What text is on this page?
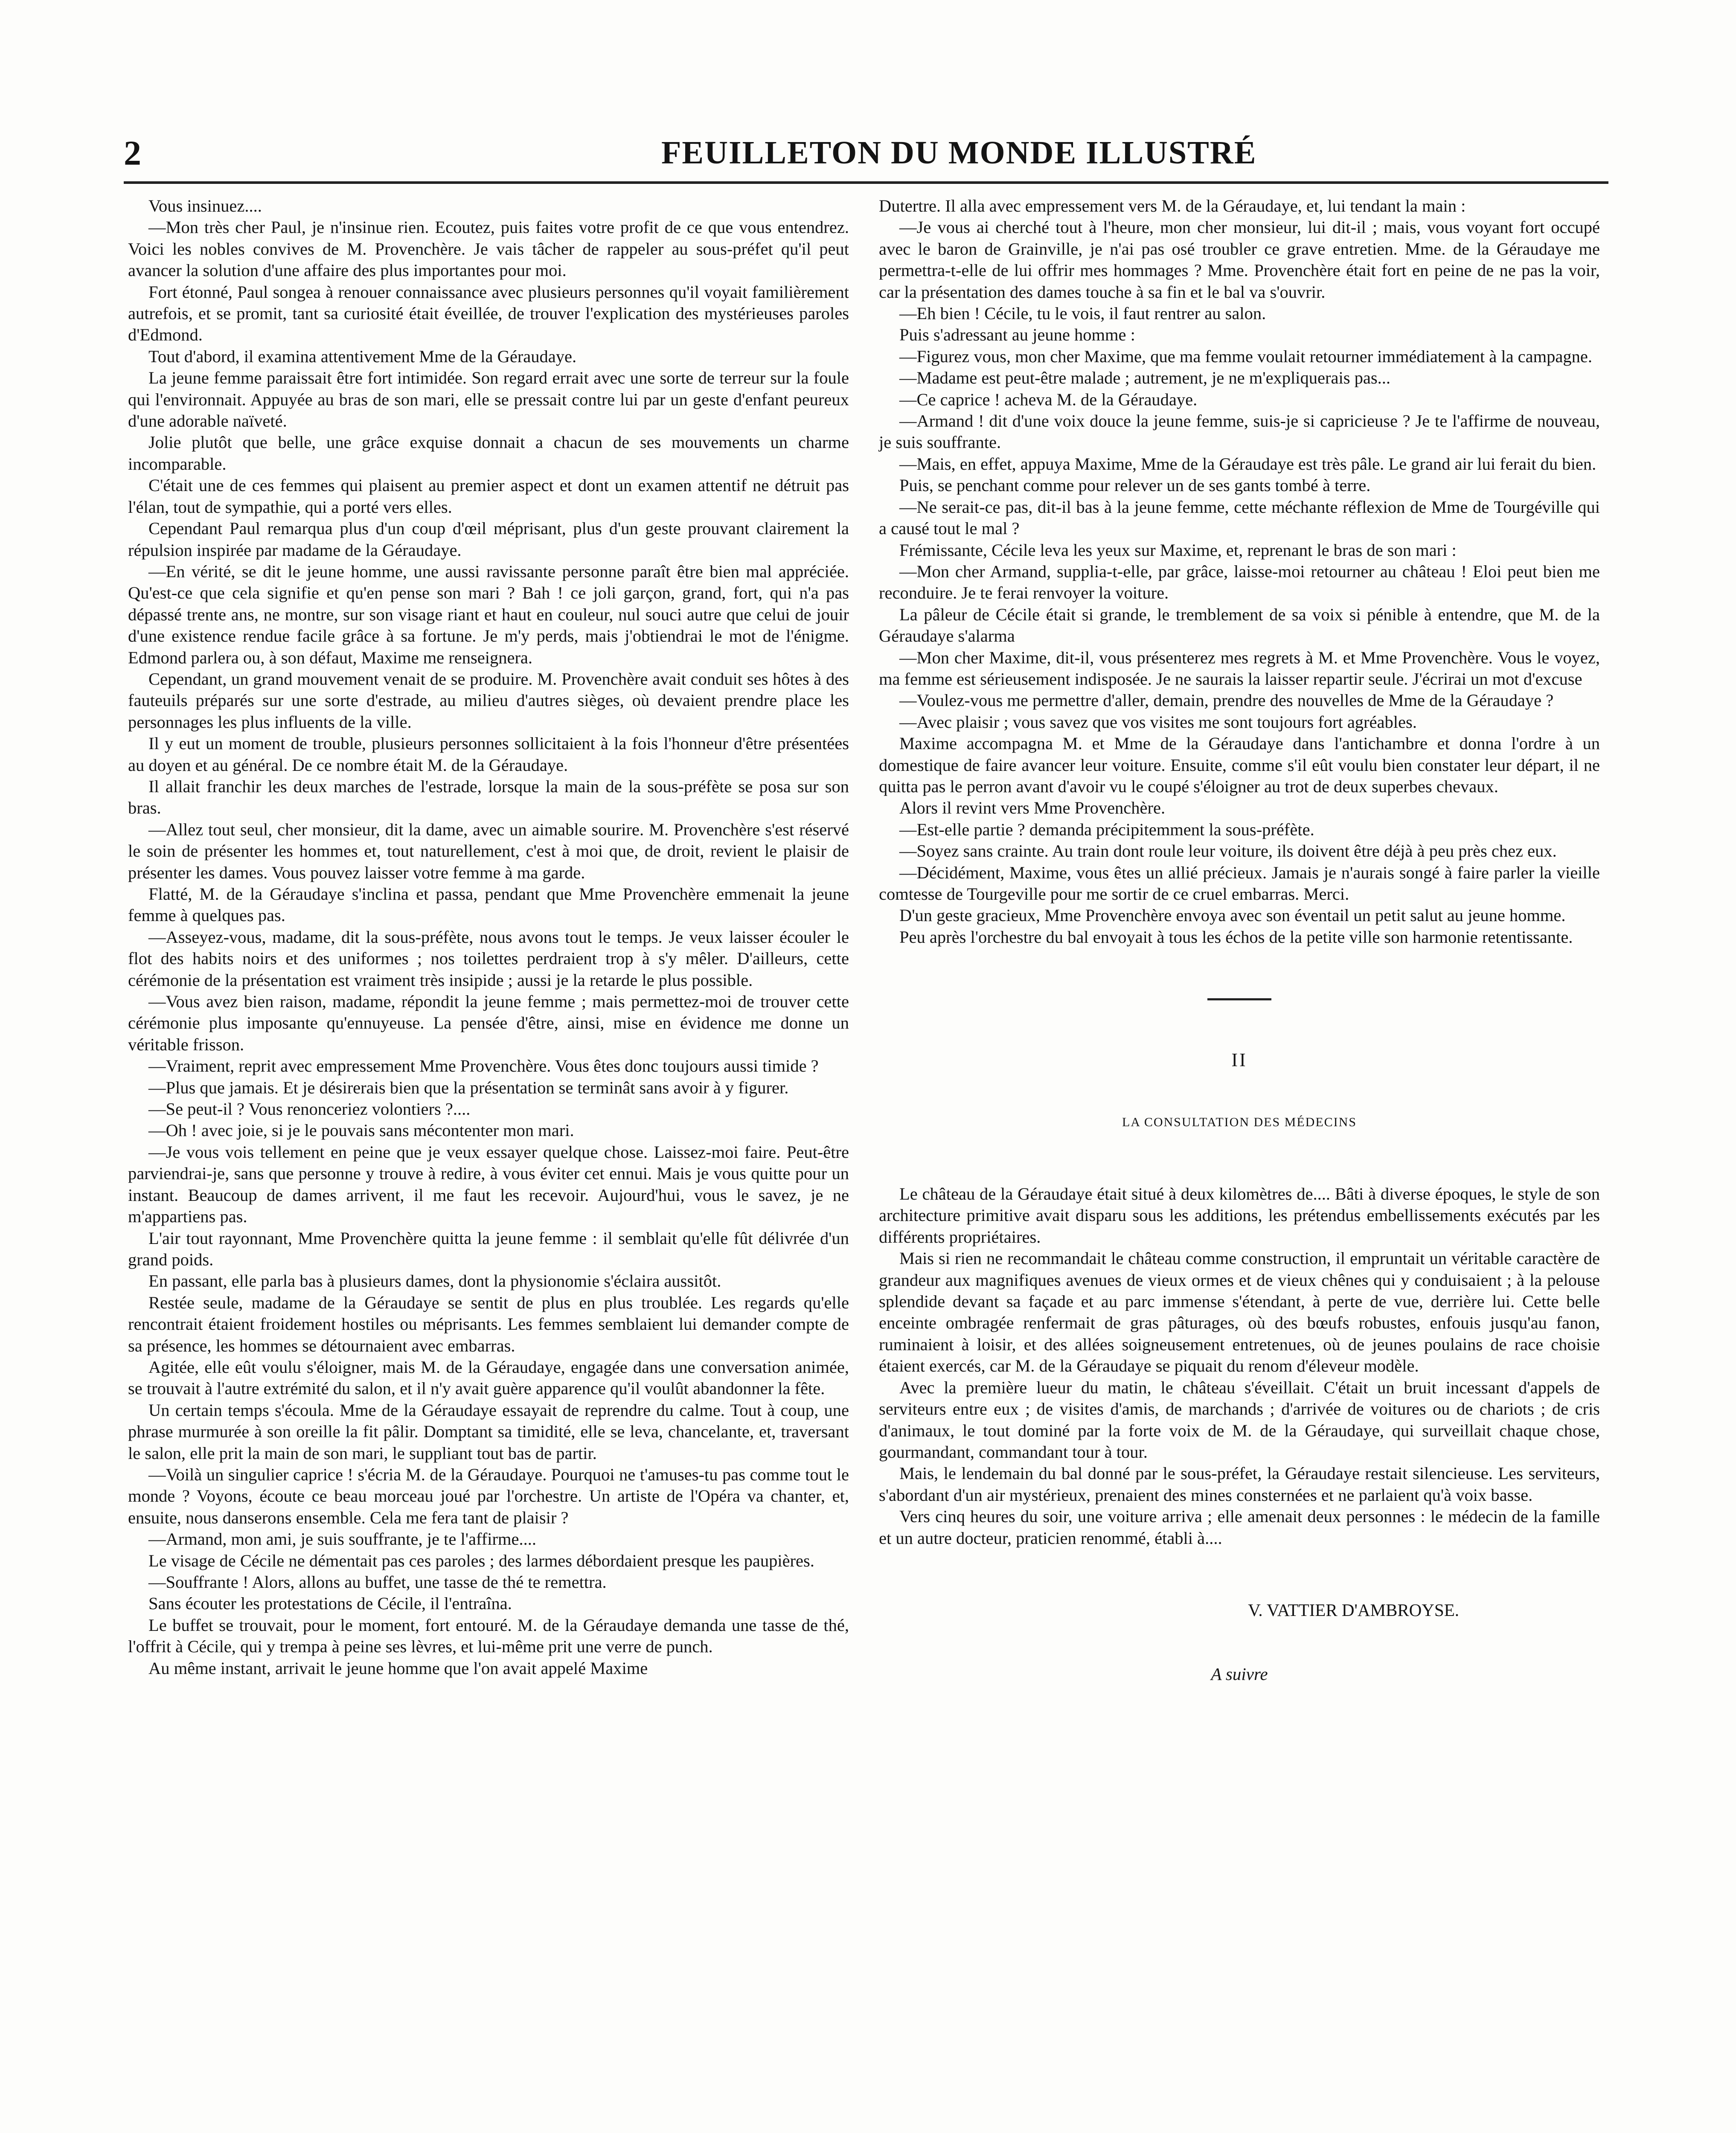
2	FEUILLETON DU MONDE ILLUSTRÉ

Vous insinuez....

—Mon très cher Paul, je n'insinue rien. Ecoutez, puis faites votre profit de ce que vous entendrez. Voici les nobles convives de M. Provenchère. Je vais tâcher de rappeler au sous-préfet qu'il peut avancer la solution d'une affaire des plus importantes pour moi.

Fort étonné, Paul songea à renouer connaissance avec plusieurs personnes qu'il voyait familièrement autrefois, et se promit, tant sa curiosité était éveillée, de trouver l'explication des mystérieuses paroles d'Edmond.

Tout d'abord, il examina attentivement Mme de la Géraudaye.

La jeune femme paraissait être fort intimidée. Son regard errait avec une sorte de terreur sur la foule qui l'environnait. Appuyée au bras de son mari, elle se pressait contre lui par un geste d'enfant peureux d'une adorable naïveté.

Jolie plutôt que belle, une grâce exquise donnait a chacun de ses mouvements un charme incomparable.

C'était une de ces femmes qui plaisent au premier aspect et dont un examen attentif ne détruit pas l'élan, tout de sympathie, qui a porté vers elles.

Cependant Paul remarqua plus d'un coup d'œil méprisant, plus d'un geste prouvant clairement la répulsion inspirée par madame de la Géraudaye.

—En vérité, se dit le jeune homme, une aussi ravissante personne paraît être bien mal appréciée. Qu'est-ce que cela signifie et qu'en pense son mari ? Bah ! ce joli garçon, grand, fort, qui n'a pas dépassé trente ans, ne montre, sur son visage riant et haut en couleur, nul souci autre que celui de jouir d'une existence rendue facile grâce à sa fortune. Je m'y perds, mais j'obtiendrai le mot de l'énigme. Edmond parlera ou, à son défaut, Maxime me renseignera.

Cependant, un grand mouvement venait de se produire. M. Provenchère avait conduit ses hôtes à des fauteuils préparés sur une sorte d'estrade, au milieu d'autres sièges, où devaient prendre place les personnages les plus influents de la ville.

Il y eut un moment de trouble, plusieurs personnes sollicitaient à la fois l'honneur d'être présentées au doyen et au général. De ce nombre était M. de la Géraudaye.

Il allait franchir les deux marches de l'estrade, lorsque la main de la sous-préfète se posa sur son bras.

—Allez tout seul, cher monsieur, dit la dame, avec un aimable sourire. M. Provenchère s'est réservé le soin de présenter les hommes et, tout naturellement, c'est à moi que, de droit, revient le plaisir de présenter les dames. Vous pouvez laisser votre femme à ma garde.

Flatté, M. de la Géraudaye s'inclina et passa, pendant que Mme Provenchère emmenait la jeune femme à quelques pas.

—Asseyez-vous, madame, dit la sous-préfète, nous avons tout le temps. Je veux laisser écouler le flot des habits noirs et des uniformes ; nos toilettes perdraient trop à s'y mêler. D'ailleurs, cette cérémonie de la présentation est vraiment très insipide ; aussi je la retarde le plus possible.

—Vous avez bien raison, madame, répondit la jeune femme ; mais permettez-moi de trouver cette cérémonie plus imposante qu'ennuyeuse. La pensée d'être, ainsi, mise en évidence me donne un véritable frisson.

—Vraiment, reprit avec empressement Mme Provenchère. Vous êtes donc toujours aussi timide ?

—Plus que jamais. Et je désirerais bien que la présentation se terminât sans avoir à y figurer.

—Se peut-il ? Vous renonceriez volontiers ?....

—Oh ! avec joie, si je le pouvais sans mécontenter mon mari.

—Je vous vois tellement en peine que je veux essayer quelque chose. Laissez-moi faire. Peut-être parviendrai-je, sans que personne y trouve à redire, à vous éviter cet ennui. Mais je vous quitte pour un instant. Beaucoup de dames arrivent, il me faut les recevoir. Aujourd'hui, vous le savez, je ne m'appartiens pas.

L'air tout rayonnant, Mme Provenchère quitta la jeune femme : il semblait qu'elle fût délivrée d'un grand poids.

En passant, elle parla bas à plusieurs dames, dont la physionomie s'éclaira aussitôt.

Restée seule, madame de la Géraudaye se sentit de plus en plus troublée. Les regards qu'elle rencontrait étaient froidement hostiles ou méprisants. Les femmes semblaient lui demander compte de sa présence, les hommes se détournaient avec embarras.

Agitée, elle eût voulu s'éloigner, mais M. de la Géraudaye, engagée dans une conversation animée, se trouvait à l'autre extrémité du salon, et il n'y avait guère apparence qu'il voulût abandonner la fête.

Un certain temps s'écoula. Mme de la Géraudaye essayait de reprendre du calme. Tout à coup, une phrase murmurée à son oreille la fit pâlir. Domptant sa timidité, elle se leva, chancelante, et, traversant le salon, elle prit la main de son mari, le suppliant tout bas de partir.

—Voilà un singulier caprice ! s'écria M. de la Géraudaye. Pourquoi ne t'amuses-tu pas comme tout le monde ? Voyons, écoute ce beau morceau joué par l'orchestre. Un artiste de l'Opéra va chanter, et, ensuite, nous danserons ensemble. Cela me fera tant de plaisir ?

—Armand, mon ami, je suis souffrante, je te l'affirme....

Le visage de Cécile ne démentait pas ces paroles ; des larmes débordaient presque les paupières.

—Souffrante ! Alors, allons au buffet, une tasse de thé te remettra.

Sans écouter les protestations de Cécile, il l'entraîna.

Le buffet se trouvait, pour le moment, fort entouré. M. de la Géraudaye demanda une tasse de thé, l'offrit à Cécile, qui y trempa à peine ses lèvres, et lui-même prit une verre de punch.

Au même instant, arrivait le jeune homme que l'on avait appelé Maxime

Dutertre. Il alla avec empressement vers M. de la Géraudaye, et, lui tendant la main :

—Je vous ai cherché tout à l'heure, mon cher monsieur, lui dit-il ; mais, vous voyant fort occupé avec le baron de Grainville, je n'ai pas osé troubler ce grave entretien. Mme. de la Géraudaye me permettra-t-elle de lui offrir mes hommages ? Mme. Provenchère était fort en peine de ne pas la voir, car la présentation des dames touche à sa fin et le bal va s'ouvrir.

—Eh bien ! Cécile, tu le vois, il faut rentrer au salon.

Puis s'adressant au jeune homme :

—Figurez vous, mon cher Maxime, que ma femme voulait retourner immédiatement à la campagne.

—Madame est peut-être malade ; autrement, je ne m'expliquerais pas...

—Ce caprice ! acheva M. de la Géraudaye.

—Armand ! dit d'une voix douce la jeune femme, suis-je si capricieuse ? Je te l'affirme de nouveau, je suis souffrante.

—Mais, en effet, appuya Maxime, Mme de la Géraudaye est très pâle. Le grand air lui ferait du bien.

Puis, se penchant comme pour relever un de ses gants tombé à terre.

—Ne serait-ce pas, dit-il bas à la jeune femme, cette méchante réflexion de Mme de Tourgéville qui a causé tout le mal ?

Frémissante, Cécile leva les yeux sur Maxime, et, reprenant le bras de son mari :

—Mon cher Armand, supplia-t-elle, par grâce, laisse-moi retourner au château ! Eloi peut bien me reconduire. Je te ferai renvoyer la voiture.

La pâleur de Cécile était si grande, le tremblement de sa voix si pénible à entendre, que M. de la Géraudaye s'alarma

—Mon cher Maxime, dit-il, vous présenterez mes regrets à M. et Mme Provenchère. Vous le voyez, ma femme est sérieusement indisposée. Je ne saurais la laisser repartir seule. J'écrirai un mot d'excuse

—Voulez-vous me permettre d'aller, demain, prendre des nouvelles de Mme de la Géraudaye ?

—Avec plaisir ; vous savez que vos visites me sont toujours fort agréables.

Maxime accompagna M. et Mme de la Géraudaye dans l'antichambre et donna l'ordre à un domestique de faire avancer leur voiture. Ensuite, comme s'il eût voulu bien constater leur départ, il ne quitta pas le perron avant d'avoir vu le coupé s'éloigner au trot de deux superbes chevaux.

Alors il revint vers Mme Provenchère.

—Est-elle partie ? demanda précipitemment la sous-préfète.

—Soyez sans crainte. Au train dont roule leur voiture, ils doivent être déjà à peu près chez eux.

—Décidément, Maxime, vous êtes un allié précieux. Jamais je n'aurais songé à faire parler la vieille comtesse de Tourgeville pour me sortir de ce cruel embarras. Merci.

D'un geste gracieux, Mme Provenchère envoya avec son éventail un petit salut au jeune homme.

Peu après l'orchestre du bal envoyait à tous les échos de la petite ville son harmonie retentissante.

II
LA CONSULTATION DES MÉDECINS

Le château de la Géraudaye était situé à deux kilomètres de.... Bâti à diverse époques, le style de son architecture primitive avait disparu sous les additions, les prétendus embellissements exécutés par les différents propriétaires.

Mais si rien ne recommandait le château comme construction, il empruntait un véritable caractère de grandeur aux magnifiques avenues de vieux ormes et de vieux chênes qui y conduisaient ; à la pelouse splendide devant sa façade et au parc immense s'étendant, à perte de vue, derrière lui. Cette belle enceinte ombragée renfermait de gras pâturages, où des bœufs robustes, enfouis jusqu'au fanon, ruminaient à loisir, et des allées soigneusement entretenues, où de jeunes poulains de race choisie étaient exercés, car M. de la Géraudaye se piquait du renom d'éleveur modèle.

Avec la première lueur du matin, le château s'éveillait. C'était un bruit incessant d'appels de serviteurs entre eux ; de visites d'amis, de marchands ; d'arrivée de voitures ou de chariots ; de cris d'animaux, le tout dominé par la forte voix de M. de la Géraudaye, qui surveillait chaque chose, gourmandant, commandant tour à tour.

Mais, le lendemain du bal donné par le sous-préfet, la Géraudaye restait silencieuse. Les serviteurs, s'abordant d'un air mystérieux, prenaient des mines consternées et ne parlaient qu'à voix basse.

Vers cinq heures du soir, une voiture arriva ; elle amenait deux personnes : le médecin de la famille et un autre docteur, praticien renommé, établi à....

V. VATTIER D'AMBROYSE.
A suivre
